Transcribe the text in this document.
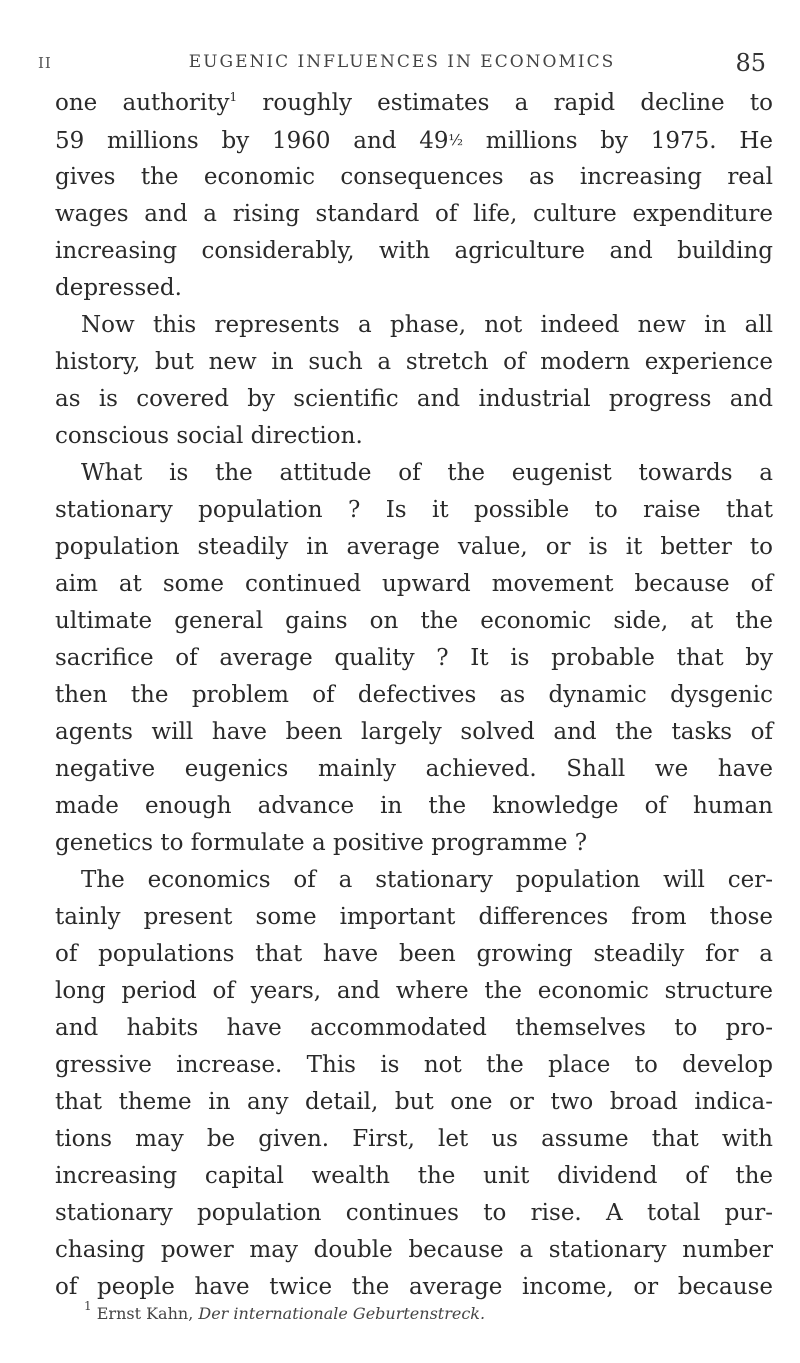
II	EUGENIC INFLUENCES IN ECONOMICS	85
one authority$^1$ roughly estimates a rapid decline to
59 millions by 1960 and 49½ millions by 1975. He
gives the economic consequences as increasing real
wages and a rising standard of life, culture expenditure
increasing considerably, with agriculture and building
depressed.
Now this represents a phase, not indeed new in all
history, but new in such a stretch of modern experience
as is covered by scientific and industrial progress and
conscious social direction.
What is the attitude of the eugenist towards a
stationary population ? Is it possible to raise that
population steadily in average value, or is it better to
aim at some continued upward movement because of
ultimate general gains on the economic side, at the
sacrifice of average quality ? It is probable that by
then the problem of defectives as dynamic dysgenic
agents will have been largely solved and the tasks of
negative eugenics mainly achieved. Shall we have
made enough advance in the knowledge of human
genetics to formulate a positive programme ?
The economics of a stationary population will cer-
tainly present some important differences from those
of populations that have been growing steadily for a
long period of years, and where the economic structure
and habits have accommodated themselves to pro-
gressive increase. This is not the place to develop
that theme in any detail, but one or two broad indica-
tions may be given. First, let us assume that with
increasing capital wealth the unit dividend of the
stationary population continues to rise. A total pur-
chasing power may double because a stationary number
of people have twice the average income, or because
$^1$ Ernst Kahn, Der internationale Geburtenstreck.
